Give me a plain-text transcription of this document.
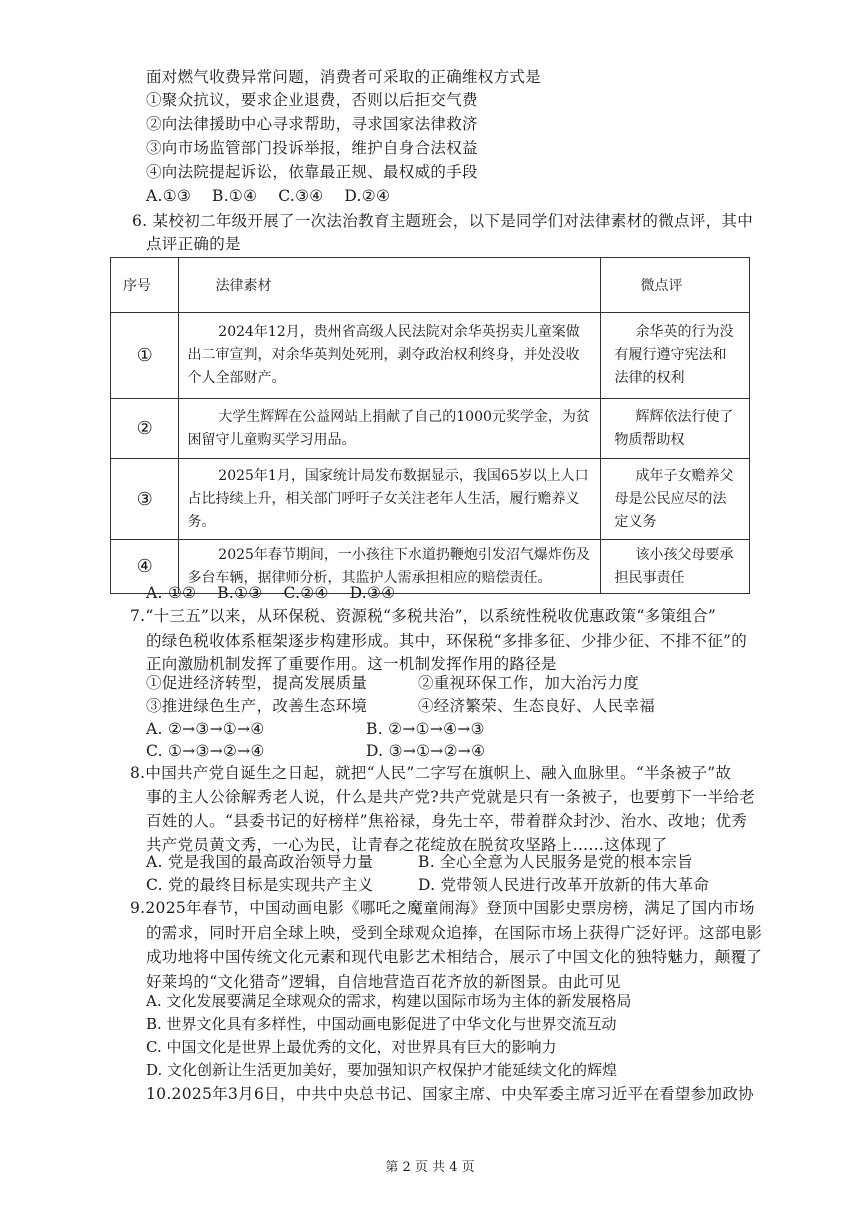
面对燃气收费异常问题，消费者可采取的正确维权方式是
①聚众抗议，要求企业退费，否则以后拒交气费
②向法律援助中心寻求帮助，寻求国家法律救济
③向市场监管部门投诉举报，维护自身合法权益
④向法院提起诉讼，依靠最正规、最权威的手段
A.①③    B.①④    C.③④    D.②④
6. 某校初二年级开展了一次法治教育主题班会，以下是同学们对法律素材的微点评，其中
点评正确的是
序号	法律素材	微点评
①	2024年12月，贵州省高级人民法院对余华英拐卖儿童案做出二审宣判，对余华英判处死刑，剥夺政治权利终身，并处没收个人全部财产。	余华英的行为没有履行遵守宪法和法律的权利
②	大学生辉辉在公益网站上捐献了自己的1000元奖学金，为贫困留守儿童购买学习用品。	辉辉依法行使了物质帮助权
③	2025年1月，国家统计局发布数据显示，我国65岁以上人口占比持续上升，相关部门呼吁子女关注老年人生活，履行赡养义务。	成年子女赡养父母是公民应尽的法定义务
④	2025年春节期间，一小孩往下水道扔鞭炮引发沼气爆炸伤及多台车辆，据律师分析，其监护人需承担相应的赔偿责任。	该小孩父母要承担民事责任
A. ①②    B.①③    C.②④    D.③④
7.“十三五”以来，从环保税、资源税“多税共治”，以系统性税收优惠政策“多策组合”
的绿色税收体系框架逐步构建形成。其中，环保税“多排多征、少排少征、不排不征”的
正向激励机制发挥了重要作用。这一机制发挥作用的路径是
①促进经济转型，提高发展质量	②重视环保工作，加大治污力度
③推进绿色生产，改善生态环境	④经济繁荣、生态良好、人民幸福
A. ②→③→①→④	B. ②→①→④→③
C. ①→③→②→④	D. ③→①→②→④
8.中国共产党自诞生之日起，就把“人民”二字写在旗帜上、融入血脉里。“半条被子”故
事的主人公徐解秀老人说，什么是共产党?共产党就是只有一条被子，也要剪下一半给老
百姓的人。“县委书记的好榜样”焦裕禄，身先士卒，带着群众封沙、治水、改地；优秀
共产党员黄文秀，一心为民，让青春之花绽放在脱贫攻坚路上……这体现了
A. 党是我国的最高政治领导力量	B. 全心全意为人民服务是党的根本宗旨
C. 党的最终目标是实现共产主义	D. 党带领人民进行改革开放新的伟大革命
9.2025年春节，中国动画电影《哪吒之魔童闹海》登顶中国影史票房榜，满足了国内市场
的需求，同时开启全球上映，受到全球观众追捧，在国际市场上获得广泛好评。这部电影
成功地将中国传统文化元素和现代电影艺术相结合，展示了中国文化的独特魅力，颠覆了
好莱坞的“文化猎奇”逻辑，自信地营造百花齐放的新图景。由此可见
A. 文化发展要满足全球观众的需求，构建以国际市场为主体的新发展格局
B. 世界文化具有多样性，中国动画电影促进了中华文化与世界交流互动
C. 中国文化是世界上最优秀的文化，对世界具有巨大的影响力
D. 文化创新让生活更加美好，要加强知识产权保护才能延续文化的辉煌
10.2025年3月6日，中共中央总书记、国家主席、中央军委主席习近平在看望参加政协
第 2 页 共 4 页
